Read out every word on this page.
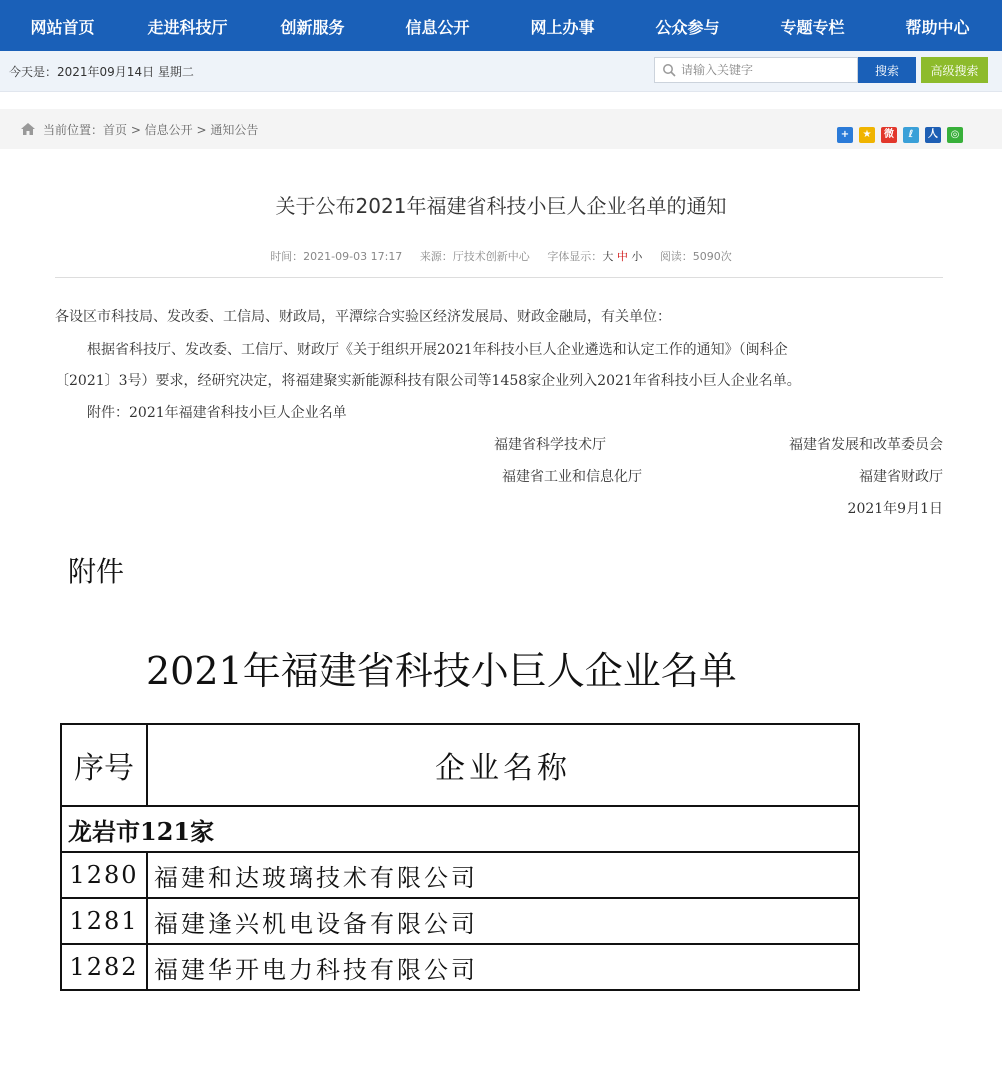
网站首页	走进科技厅	创新服务	信息公开	网上办事	公众参与	专题专栏	帮助中心
今天是：2021年09月14日 星期二
请输入关键字	搜索	高级搜索
当前位置：首页 > 信息公开 > 通知公告	+	★	微	ℓ	人	◎
关于公布2021年福建省科技小巨人企业名单的通知
时间：2021-09-03 17:17 来源：厅技术创新中心 字体显示：大 中 小 阅读：5090次
各设区市科技局、发改委、工信局、财政局，平潭综合实验区经济发展局、财政金融局，有关单位：
根据省科技厅、发改委、工信厅、财政厅《关于组织开展2021年科技小巨人企业遴选和认定工作的通知》（闽科企
〔2021〕3号）要求，经研究决定，将福建聚实新能源科技有限公司等1458家企业列入2021年省科技小巨人企业名单。
附件：2021年福建省科技小巨人企业名单
福建省科学技术厅	福建省发展和改革委员会
福建省工业和信息化厅	福建省财政厅
2021年9月1日
附件
2021年福建省科技小巨人企业名单
序号	企业名称
龙岩市121家	
1280	福建和达玻璃技术有限公司
1281	福建逢兴机电设备有限公司
1282	福建华开电力科技有限公司
